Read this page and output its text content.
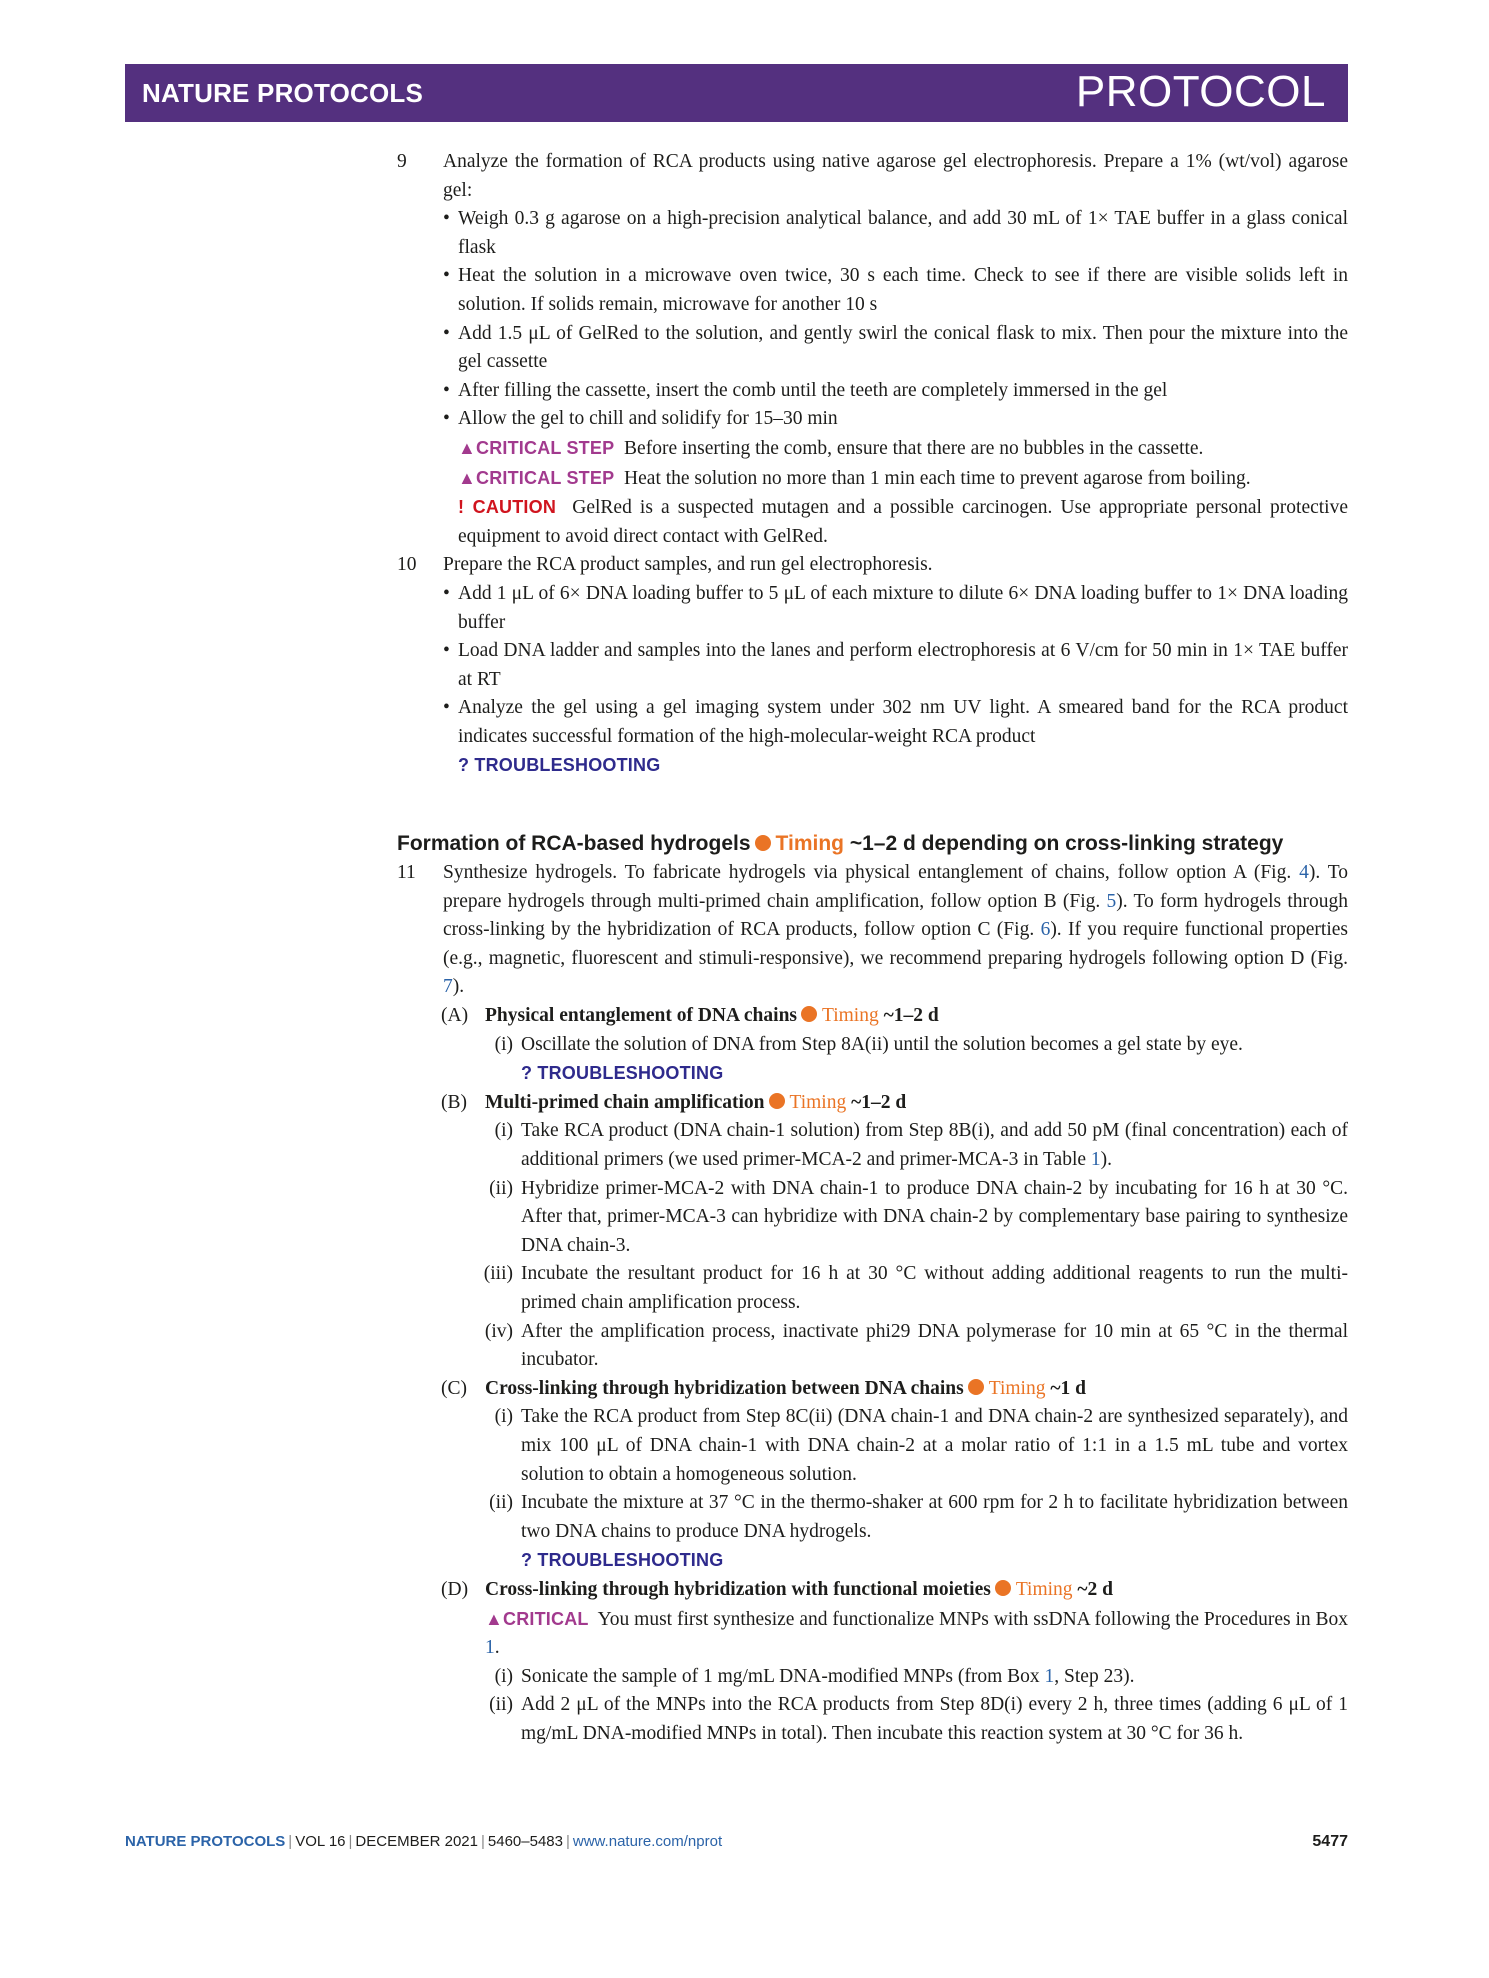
NATURE PROTOCOLS	PROTOCOL
9	Analyze the formation of RCA products using native agarose gel electrophoresis. Prepare a 1% (wt/vol) agarose gel:
• Weigh 0.3 g agarose on a high-precision analytical balance, and add 30 mL of 1× TAE buffer in a glass conical flask
• Heat the solution in a microwave oven twice, 30 s each time. Check to see if there are visible solids left in solution. If solids remain, microwave for another 10 s
• Add 1.5 μL of GelRed to the solution, and gently swirl the conical flask to mix. Then pour the mixture into the gel cassette
• After filling the cassette, insert the comb until the teeth are completely immersed in the gel
• Allow the gel to chill and solidify for 15–30 min
▲CRITICAL STEP Before inserting the comb, ensure that there are no bubbles in the cassette.
▲CRITICAL STEP Heat the solution no more than 1 min each time to prevent agarose from boiling.
! CAUTION GelRed is a suspected mutagen and a possible carcinogen. Use appropriate personal protective equipment to avoid direct contact with GelRed.
10	Prepare the RCA product samples, and run gel electrophoresis.
• Add 1 μL of 6× DNA loading buffer to 5 μL of each mixture to dilute 6× DNA loading buffer to 1× DNA loading buffer
• Load DNA ladder and samples into the lanes and perform electrophoresis at 6 V/cm for 50 min in 1× TAE buffer at RT
• Analyze the gel using a gel imaging system under 302 nm UV light. A smeared band for the RCA product indicates successful formation of the high-molecular-weight RCA product
? TROUBLESHOOTING
Formation of RCA-based hydrogels Timing ~1–2 d depending on cross-linking strategy
11	Synthesize hydrogels. To fabricate hydrogels via physical entanglement of chains, follow option A (Fig. 4). To prepare hydrogels through multi-primed chain amplification, follow option B (Fig. 5). To form hydrogels through cross-linking by the hybridization of RCA products, follow option C (Fig. 6). If you require functional properties (e.g., magnetic, fluorescent and stimuli-responsive), we recommend preparing hydrogels following option D (Fig. 7).
(A) Physical entanglement of DNA chains Timing ~1–2 d
(i) Oscillate the solution of DNA from Step 8A(ii) until the solution becomes a gel state by eye.
? TROUBLESHOOTING
(B) Multi-primed chain amplification Timing ~1–2 d
(i) Take RCA product (DNA chain-1 solution) from Step 8B(i), and add 50 pM (final concentration) each of additional primers (we used primer-MCA-2 and primer-MCA-3 in Table 1).
(ii) Hybridize primer-MCA-2 with DNA chain-1 to produce DNA chain-2 by incubating for 16 h at 30 °C. After that, primer-MCA-3 can hybridize with DNA chain-2 by complementary base pairing to synthesize DNA chain-3.
(iii) Incubate the resultant product for 16 h at 30 °C without adding additional reagents to run the multi-primed chain amplification process.
(iv) After the amplification process, inactivate phi29 DNA polymerase for 10 min at 65 °C in the thermal incubator.
(C) Cross-linking through hybridization between DNA chains Timing ~1 d
(i) Take the RCA product from Step 8C(ii) (DNA chain-1 and DNA chain-2 are synthesized separately), and mix 100 μL of DNA chain-1 with DNA chain-2 at a molar ratio of 1:1 in a 1.5 mL tube and vortex solution to obtain a homogeneous solution.
(ii) Incubate the mixture at 37 °C in the thermo-shaker at 600 rpm for 2 h to facilitate hybridization between two DNA chains to produce DNA hydrogels.
? TROUBLESHOOTING
(D) Cross-linking through hybridization with functional moieties Timing ~2 d
▲CRITICAL You must first synthesize and functionalize MNPs with ssDNA following the Procedures in Box 1.
(i) Sonicate the sample of 1 mg/mL DNA-modified MNPs (from Box 1, Step 23).
(ii) Add 2 μL of the MNPs into the RCA products from Step 8D(i) every 2 h, three times (adding 6 μL of 1 mg/mL DNA-modified MNPs in total). Then incubate this reaction system at 30 °C for 36 h.
NATURE PROTOCOLS | VOL 16 | DECEMBER 2021 | 5460–5483 | www.nature.com/nprot	5477
